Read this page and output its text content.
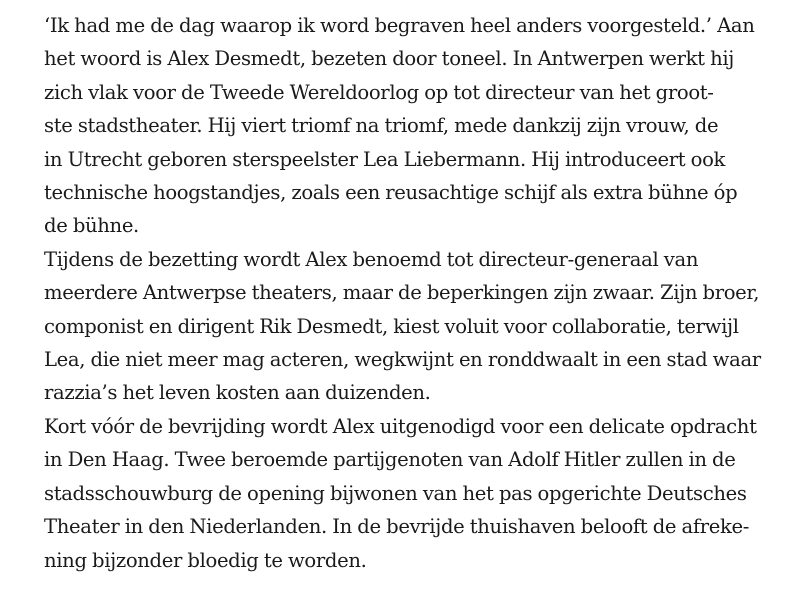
‘Ik had me de dag waarop ik word begraven heel anders voorgesteld.’ Aan
het woord is Alex Desmedt, bezeten door toneel. In Antwerpen werkt hij
zich vlak voor de Tweede Wereldoorlog op tot directeur van het groot-
ste stadstheater. Hij viert triomf na triomf, mede dankzij zijn vrouw, de
in Utrecht geboren sterspeelster Lea Liebermann. Hij introduceert ook
technische hoogstandjes, zoals een reusachtige schijf als extra bühne óp
de bühne.

Tijdens de bezetting wordt Alex benoemd tot directeur-generaal van
meerdere Antwerpse theaters, maar de beperkingen zijn zwaar. Zijn broer,
componist en dirigent Rik Desmedt, kiest voluit voor collaboratie, terwijl
Lea, die niet meer mag acteren, wegkwijnt en ronddwaalt in een stad waar
razzia’s het leven kosten aan duizenden.

Kort vóór de bevrijding wordt Alex uitgenodigd voor een delicate opdracht
in Den Haag. Twee beroemde partijgenoten van Adolf Hitler zullen in de
stadsschouwburg de opening bijwonen van het pas opgerichte Deutsches
Theater in den Niederlanden. In de bevrijde thuishaven belooft de afreke-
ning bijzonder bloedig te worden.
